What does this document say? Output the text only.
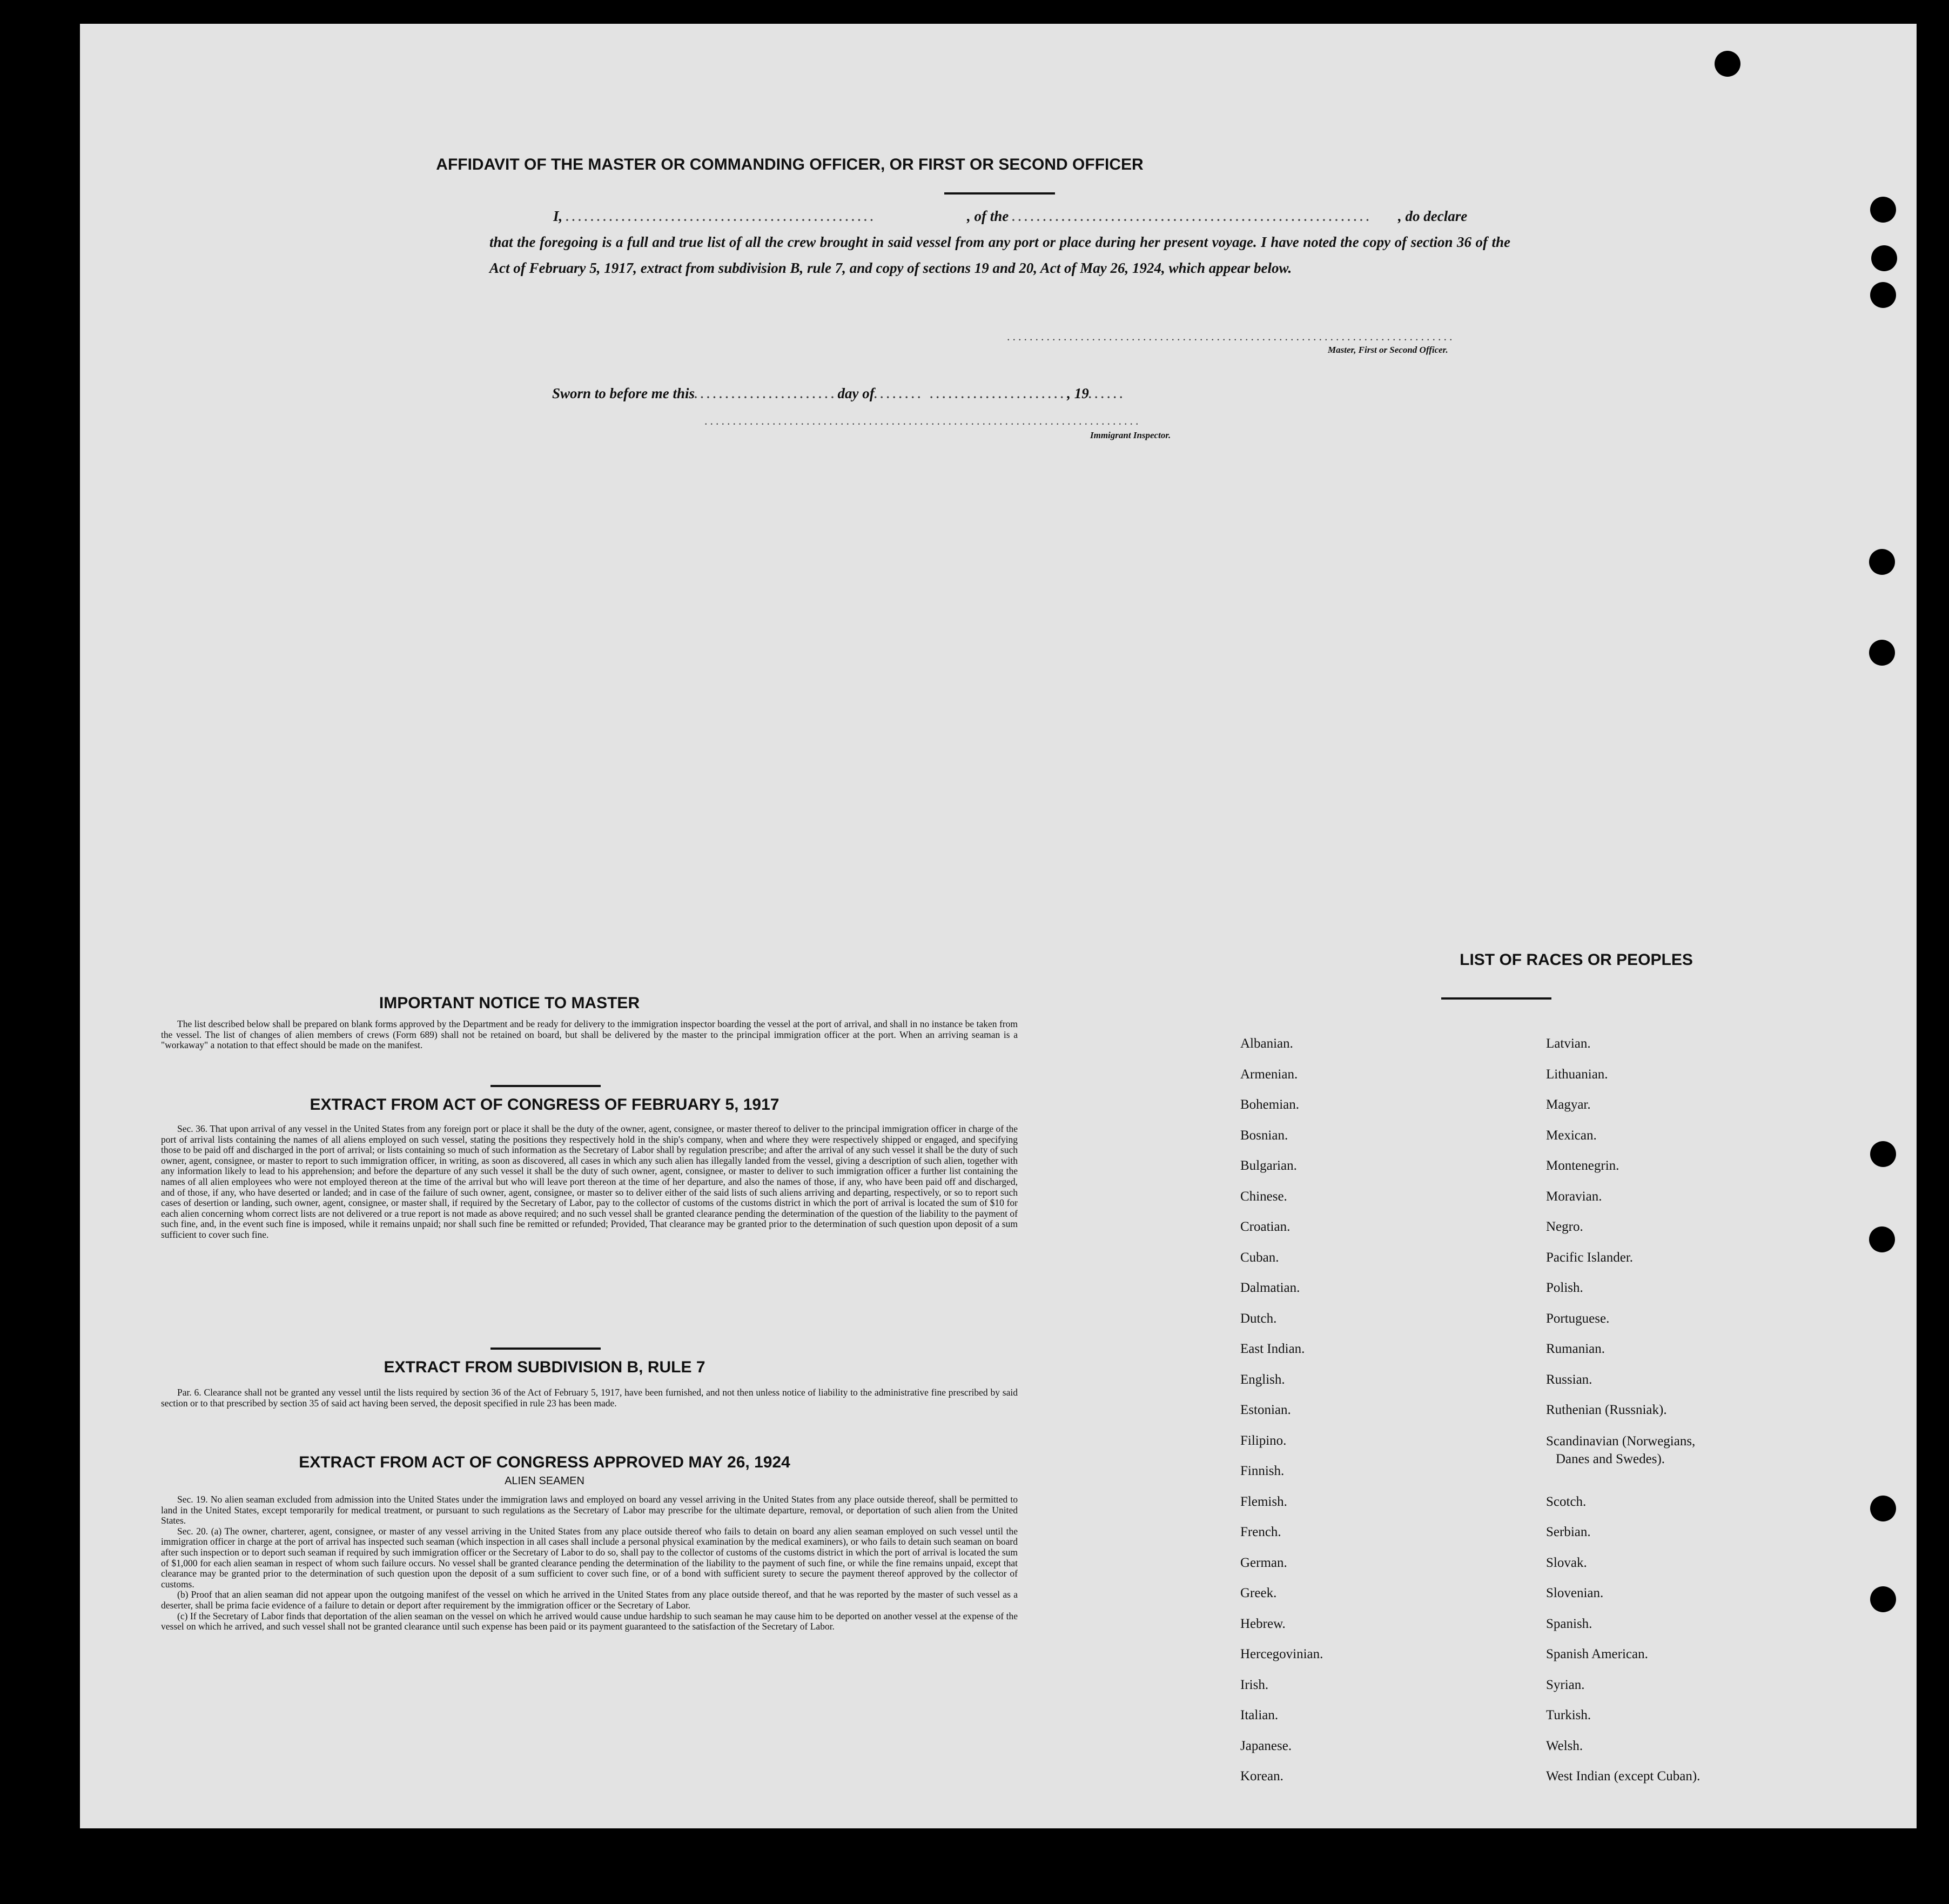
AFFIDAVIT OF THE MASTER OR COMMANDING OFFICER, OR FIRST OR SECOND OFFICER
I, ..................................................	, of the .......................................................... , do declare
that the foregoing is a full and true list of all the crew brought in said vessel from any port or place during her present voyage. I have noted the copy of section 36 of the Act of February 5, 1917, extract from subdivision B, rule 7, and copy of sections 19 and 20, Act of May 26, 1924, which appear below.
...............................................................................
Master, First or Second Officer.
Sworn to before me this.......................day of........ ......................, 19......
.............................................................................
Immigrant Inspector.
IMPORTANT NOTICE TO MASTER

The list described below shall be prepared on blank forms approved by the Department and be ready for delivery to the immigration inspector boarding the vessel at the port of arrival, and shall in no instance be taken from the vessel. The list of changes of alien members of crews (Form 689) shall not be retained on board, but shall be delivered by the master to the principal immigration officer at the port. When an arriving seaman is a "workaway" a notation to that effect should be made on the manifest.

EXTRACT FROM ACT OF CONGRESS OF FEBRUARY 5, 1917

Sec. 36. That upon arrival of any vessel in the United States from any foreign port or place it shall be the duty of the owner, agent, consignee, or master thereof to deliver to the principal immigration officer in charge of the port of arrival lists containing the names of all aliens employed on such vessel, stating the positions they respectively hold in the ship's company, when and where they were respectively shipped or engaged, and specifying those to be paid off and discharged in the port of arrival; or lists containing so much of such information as the Secretary of Labor shall by regulation prescribe; and after the arrival of any such vessel it shall be the duty of such owner, agent, consignee, or master to report to such immigration officer, in writing, as soon as discovered, all cases in which any such alien has illegally landed from the vessel, giving a description of such alien, together with any information likely to lead to his apprehension; and before the departure of any such vessel it shall be the duty of such owner, agent, consignee, or master to deliver to such immigration officer a further list containing the names of all alien employees who were not employed thereon at the time of the arrival but who will leave port thereon at the time of her departure, and also the names of those, if any, who have been paid off and discharged, and of those, if any, who have deserted or landed; and in case of the failure of such owner, agent, consignee, or master so to deliver either of the said lists of such aliens arriving and departing, respectively, or so to report such cases of desertion or landing, such owner, agent, consignee, or master shall, if required by the Secretary of Labor, pay to the collector of customs of the customs district in which the port of arrival is located the sum of $10 for each alien concerning whom correct lists are not delivered or a true report is not made as above required; and no such vessel shall be granted clearance pending the determination of the question of the liability to the payment of such fine, and, in the event such fine is imposed, while it remains unpaid; nor shall such fine be remitted or refunded; Provided, That clearance may be granted prior to the determination of such question upon deposit of a sum sufficient to cover such fine.

EXTRACT FROM SUBDIVISION B, RULE 7

Par. 6. Clearance shall not be granted any vessel until the lists required by section 36 of the Act of February 5, 1917, have been furnished, and not then unless notice of liability to the administrative fine prescribed by said section or to that prescribed by section 35 of said act having been served, the deposit specified in rule 23 has been made.

EXTRACT FROM ACT OF CONGRESS APPROVED MAY 26, 1924
ALIEN SEAMEN

Sec. 19. No alien seaman excluded from admission into the United States under the immigration laws and employed on board any vessel arriving in the United States from any place outside thereof, shall be permitted to land in the United States, except temporarily for medical treatment, or pursuant to such regulations as the Secretary of Labor may prescribe for the ultimate departure, removal, or deportation of such alien from the United States.

Sec. 20. (a) The owner, charterer, agent, consignee, or master of any vessel arriving in the United States from any place outside thereof who fails to detain on board any alien seaman employed on such vessel until the immigration officer in charge at the port of arrival has inspected such seaman (which inspection in all cases shall include a personal physical examination by the medical examiners), or who fails to detain such seaman on board after such inspection or to deport such seaman if required by such immigration officer or the Secretary of Labor to do so, shall pay to the collector of customs of the customs district in which the port of arrival is located the sum of $1,000 for each alien seaman in respect of whom such failure occurs. No vessel shall be granted clearance pending the determination of the liability to the payment of such fine, or while the fine remains unpaid, except that clearance may be granted prior to the determination of such question upon the deposit of a sum sufficient to cover such fine, or of a bond with sufficient surety to secure the payment thereof approved by the collector of customs.

(b) Proof that an alien seaman did not appear upon the outgoing manifest of the vessel on which he arrived in the United States from any place outside thereof, and that he was reported by the master of such vessel as a deserter, shall be prima facie evidence of a failure to detain or deport after requirement by the immigration officer or the Secretary of Labor.

(c) If the Secretary of Labor finds that deportation of the alien seaman on the vessel on which he arrived would cause undue hardship to such seaman he may cause him to be deported on another vessel at the expense of the vessel on which he arrived, and such vessel shall not be granted clearance until such expense has been paid or its payment guaranteed to the satisfaction of the Secretary of Labor.

LIST OF RACES OR PEOPLES
Albanian.
Armenian.
Bohemian.
Bosnian.
Bulgarian.
Chinese.
Croatian.
Cuban.
Dalmatian.
Dutch.
East Indian.
English.
Estonian.
Filipino.
Finnish.
Flemish.
French.
German.
Greek.
Hebrew.
Hercegovinian.
Irish.
Italian.
Japanese.
Korean.
Latvian.
Lithuanian.
Magyar.
Mexican.
Montenegrin.
Moravian.
Negro.
Pacific Islander.
Polish.
Portuguese.
Rumanian.
Russian.
Ruthenian (Russniak).
Scandinavian (Norwegians,
Danes and Swedes).
Scotch.
Serbian.
Slovak.
Slovenian.
Spanish.
Spanish American.
Syrian.
Turkish.
Welsh.
West Indian (except Cuban).
